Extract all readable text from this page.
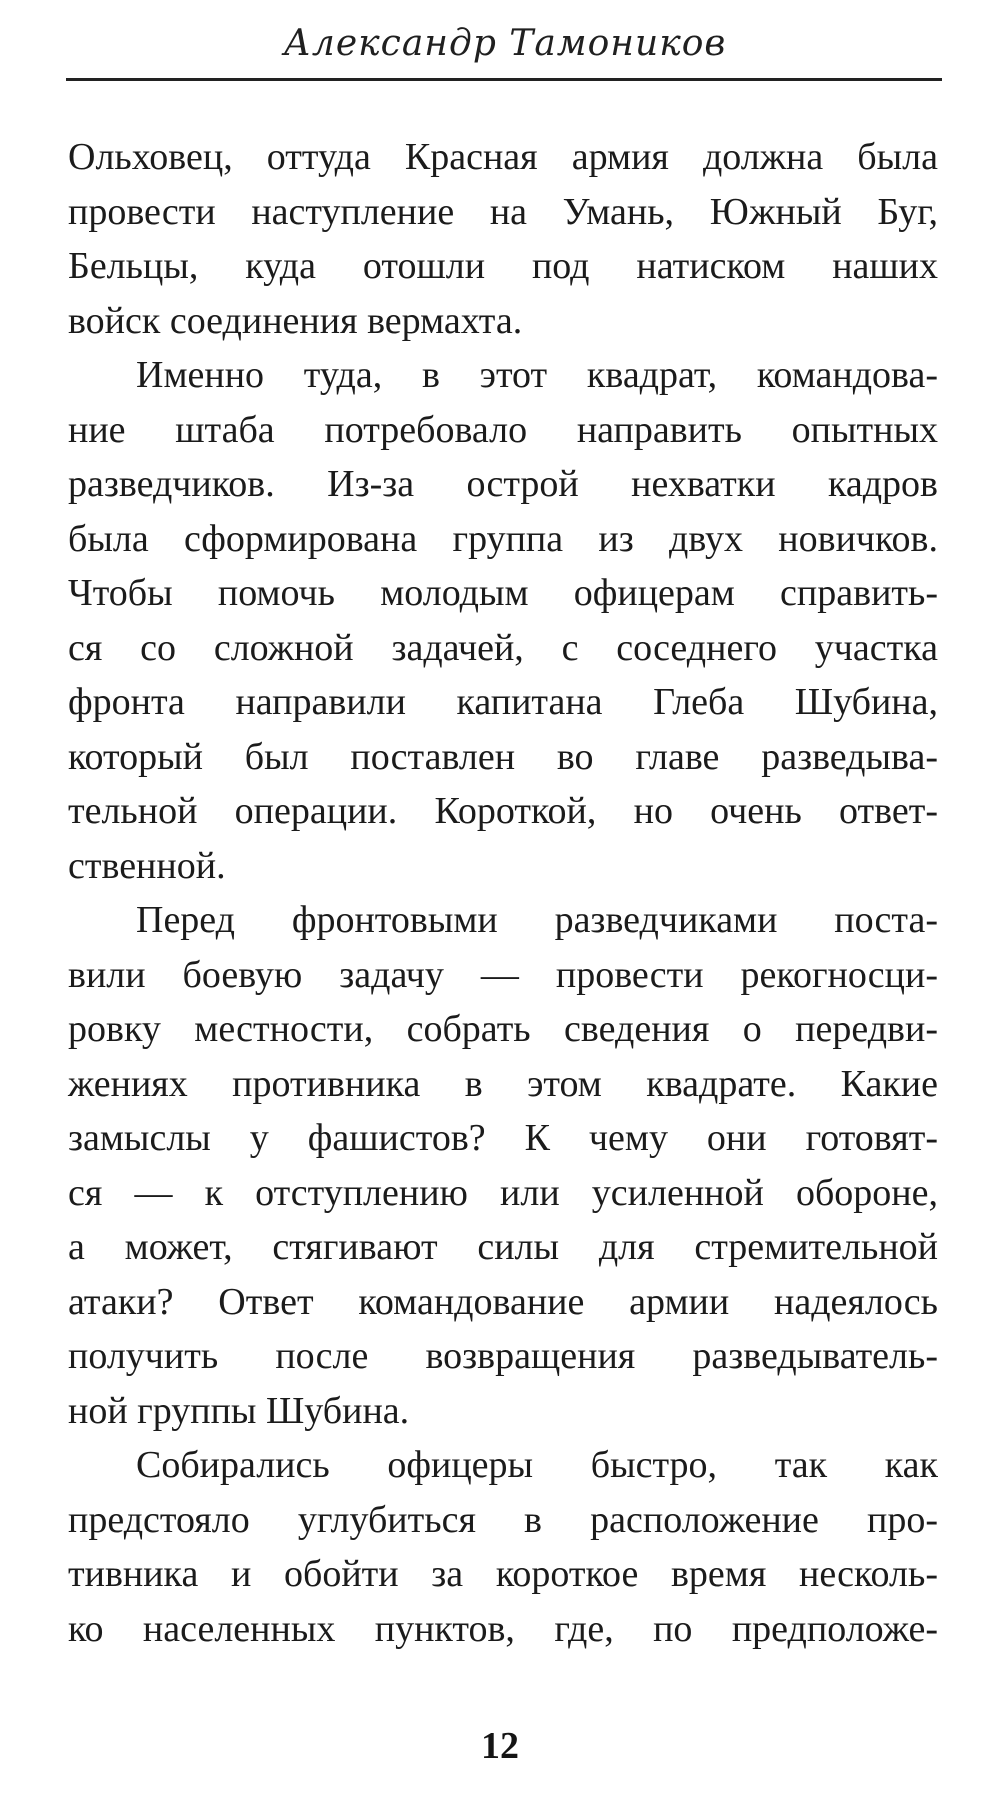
Александр Тамоников
Ольховец, оттуда Красная армия должна была
провести наступление на Умань, Южный Буг,
Бельцы, куда отошли под натиском наших
войск соединения вермахта.
Именно туда, в этот квадрат, командова-
ние штаба потребовало направить опытных
разведчиков. Из-за острой нехватки кадров
была сформирована группа из двух новичков.
Чтобы помочь молодым офицерам справить-
ся со сложной задачей, с соседнего участка
фронта направили капитана Глеба Шубина,
который был поставлен во главе разведыва-
тельной операции. Короткой, но очень ответ-
ственной.
Перед фронтовыми разведчиками поста-
вили боевую задачу — провести рекогносци-
ровку местности, собрать сведения о передви-
жениях противника в этом квадрате. Какие
замыслы у фашистов? К чему они готовят-
ся — к отступлению или усиленной обороне,
а может, стягивают силы для стремительной
атаки? Ответ командование армии надеялось
получить после возвращения разведыватель-
ной группы Шубина.
Собирались офицеры быстро, так как
предстояло углубиться в расположение про-
тивника и обойти за короткое время несколь-
ко населенных пунктов, где, по предположе-
12
